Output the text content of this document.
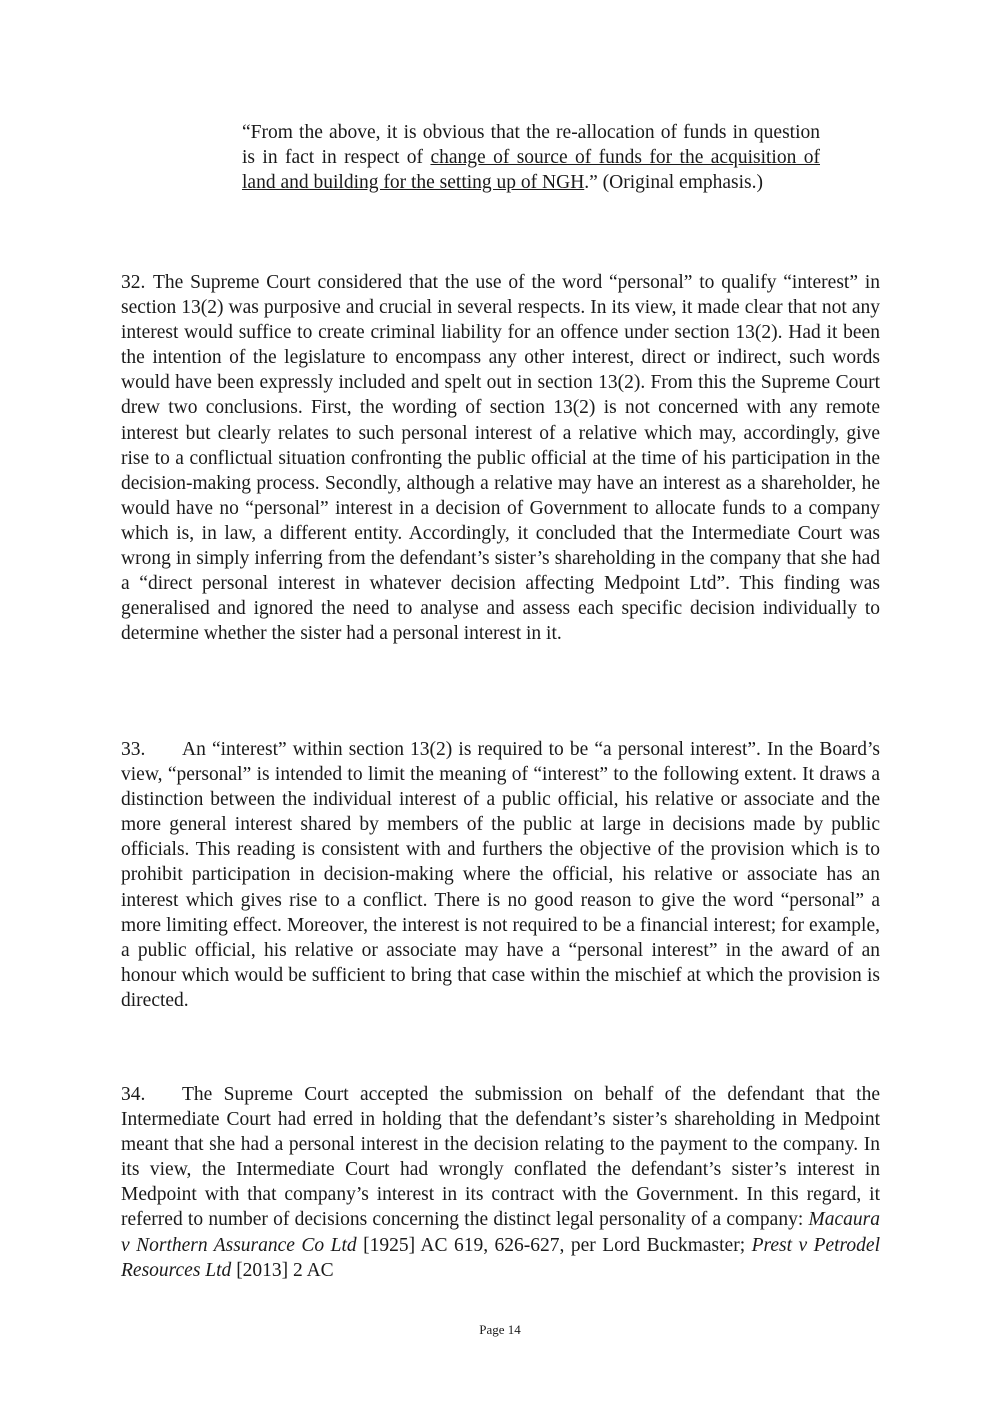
“From the above, it is obvious that the re-allocation of funds in question is in fact in respect of change of source of funds for the acquisition of land and building for the setting up of NGH.” (Original emphasis.)

32. The Supreme Court considered that the use of the word “personal” to qualify “interest” in section 13(2) was purposive and crucial in several respects. In its view, it made clear that not any interest would suffice to create criminal liability for an offence under section 13(2). Had it been the intention of the legislature to encompass any other interest, direct or indirect, such words would have been expressly included and spelt out in section 13(2). From this the Supreme Court drew two conclusions. First, the wording of section 13(2) is not concerned with any remote interest but clearly relates to such personal interest of a relative which may, accordingly, give rise to a conflictual situation confronting the public official at the time of his participation in the decision-making process. Secondly, although a relative may have an interest as a shareholder, he would have no “personal” interest in a decision of Government to allocate funds to a company which is, in law, a different entity. Accordingly, it concluded that the Intermediate Court was wrong in simply inferring from the defendant’s sister’s shareholding in the company that she had a “direct personal interest in whatever decision affecting Medpoint Ltd”. This finding was generalised and ignored the need to analyse and assess each specific decision individually to determine whether the sister had a personal interest in it.

33. An “interest” within section 13(2) is required to be “a personal interest”. In the Board’s view, “personal” is intended to limit the meaning of “interest” to the following extent. It draws a distinction between the individual interest of a public official, his relative or associate and the more general interest shared by members of the public at large in decisions made by public officials. This reading is consistent with and furthers the objective of the provision which is to prohibit participation in decision-making where the official, his relative or associate has an interest which gives rise to a conflict. There is no good reason to give the word “personal” a more limiting effect. Moreover, the interest is not required to be a financial interest; for example, a public official, his relative or associate may have a “personal interest” in the award of an honour which would be sufficient to bring that case within the mischief at which the provision is directed.

34. The Supreme Court accepted the submission on behalf of the defendant that the Intermediate Court had erred in holding that the defendant’s sister’s shareholding in Medpoint meant that she had a personal interest in the decision relating to the payment to the company. In its view, the Intermediate Court had wrongly conflated the defendant’s sister’s interest in Medpoint with that company’s interest in its contract with the Government. In this regard, it referred to number of decisions concerning the distinct legal personality of a company: Macaura v Northern Assurance Co Ltd [1925] AC 619, 626-627, per Lord Buckmaster; Prest v Petrodel Resources Ltd [2013] 2 AC

Page 14
